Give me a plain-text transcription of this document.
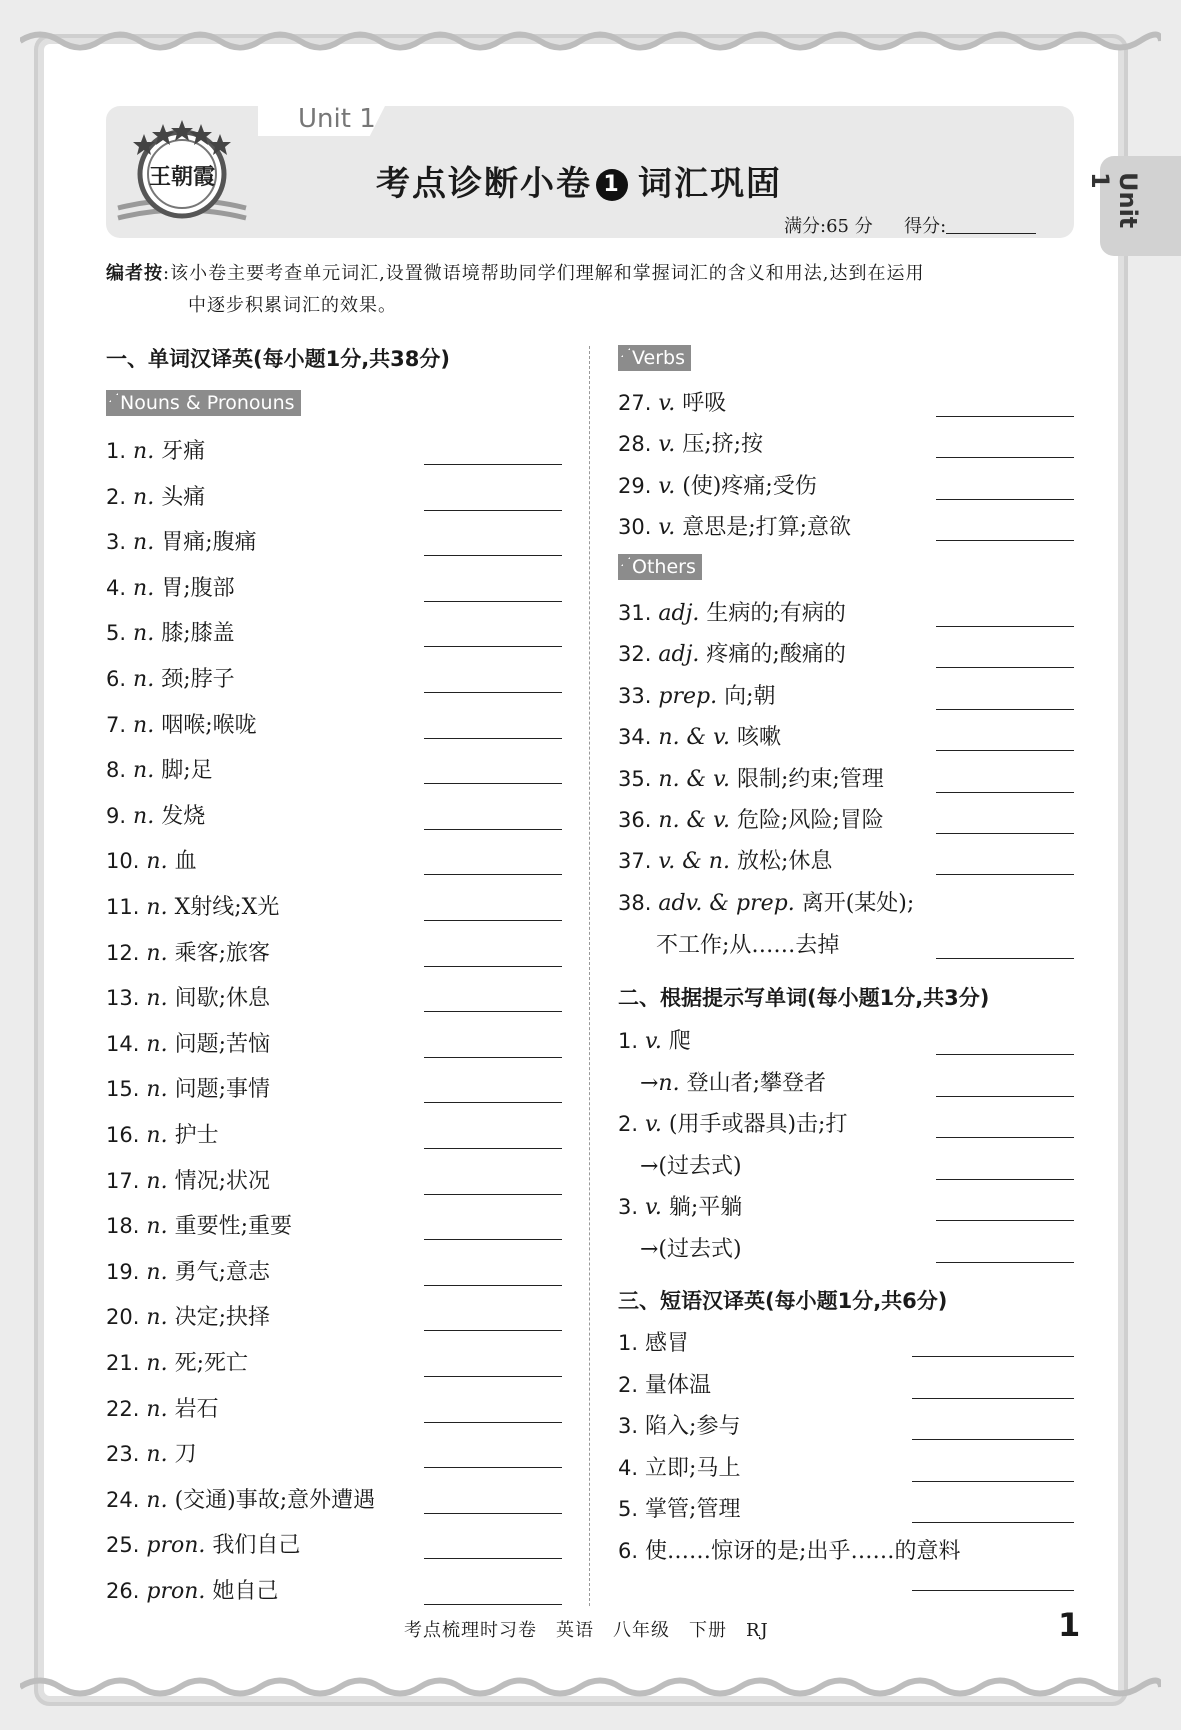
Unit 1
王朝霞	考点诊断小卷 1 词汇巩固
满分:65 分 得分:	Unit 1
编者按:该小卷主要考查单元词汇,设置微语境帮助同学们理解和掌握词汇的含义和用法,达到在运用
中逐步积累词汇的效果。
一、单词汉译英(每小题1分,共38分)
Nouns & Pronouns
Verbs
Others
1. n. 牙痛
2. n. 头痛
3. n. 胃痛;腹痛
4. n. 胃;腹部
5. n. 膝;膝盖
6. n. 颈;脖子
7. n. 咽喉;喉咙
8. n. 脚;足
9. n. 发烧
10. n. 血
11. n. X射线;X光
12. n. 乘客;旅客
13. n. 间歇;休息
14. n. 问题;苦恼
15. n. 问题;事情
16. n. 护士
17. n. 情况;状况
18. n. 重要性;重要
19. n. 勇气;意志
20. n. 决定;抉择
21. n. 死;死亡
22. n. 岩石
23. n. 刀
24. n. (交通)事故;意外遭遇
25. pron. 我们自己
26. pron. 她自己
27. v. 呼吸
28. v. 压;挤;按
29. v. (使)疼痛;受伤
30. v. 意思是;打算;意欲
31. adj. 生病的;有病的
32. adj. 疼痛的;酸痛的
33. prep. 向;朝
34. n. & v. 咳嗽
35. n. & v. 限制;约束;管理
36. n. & v. 危险;风险;冒险
37. v. & n. 放松;休息
38. adv. & prep. 离开(某处);
不工作;从……去掉
二、根据提示写单词(每小题1分,共3分)
1. v. 爬
→n. 登山者;攀登者
2. v. (用手或器具)击;打
→(过去式)
3. v. 躺;平躺
→(过去式)
三、短语汉译英(每小题1分,共6分)
1. 感冒
2. 量体温
3. 陷入;参与
4. 立即;马上
5. 掌管;管理
6. 使……惊讶的是;出乎……的意料
考点梳理时习卷　英语　八年级　下册　RJ	1
